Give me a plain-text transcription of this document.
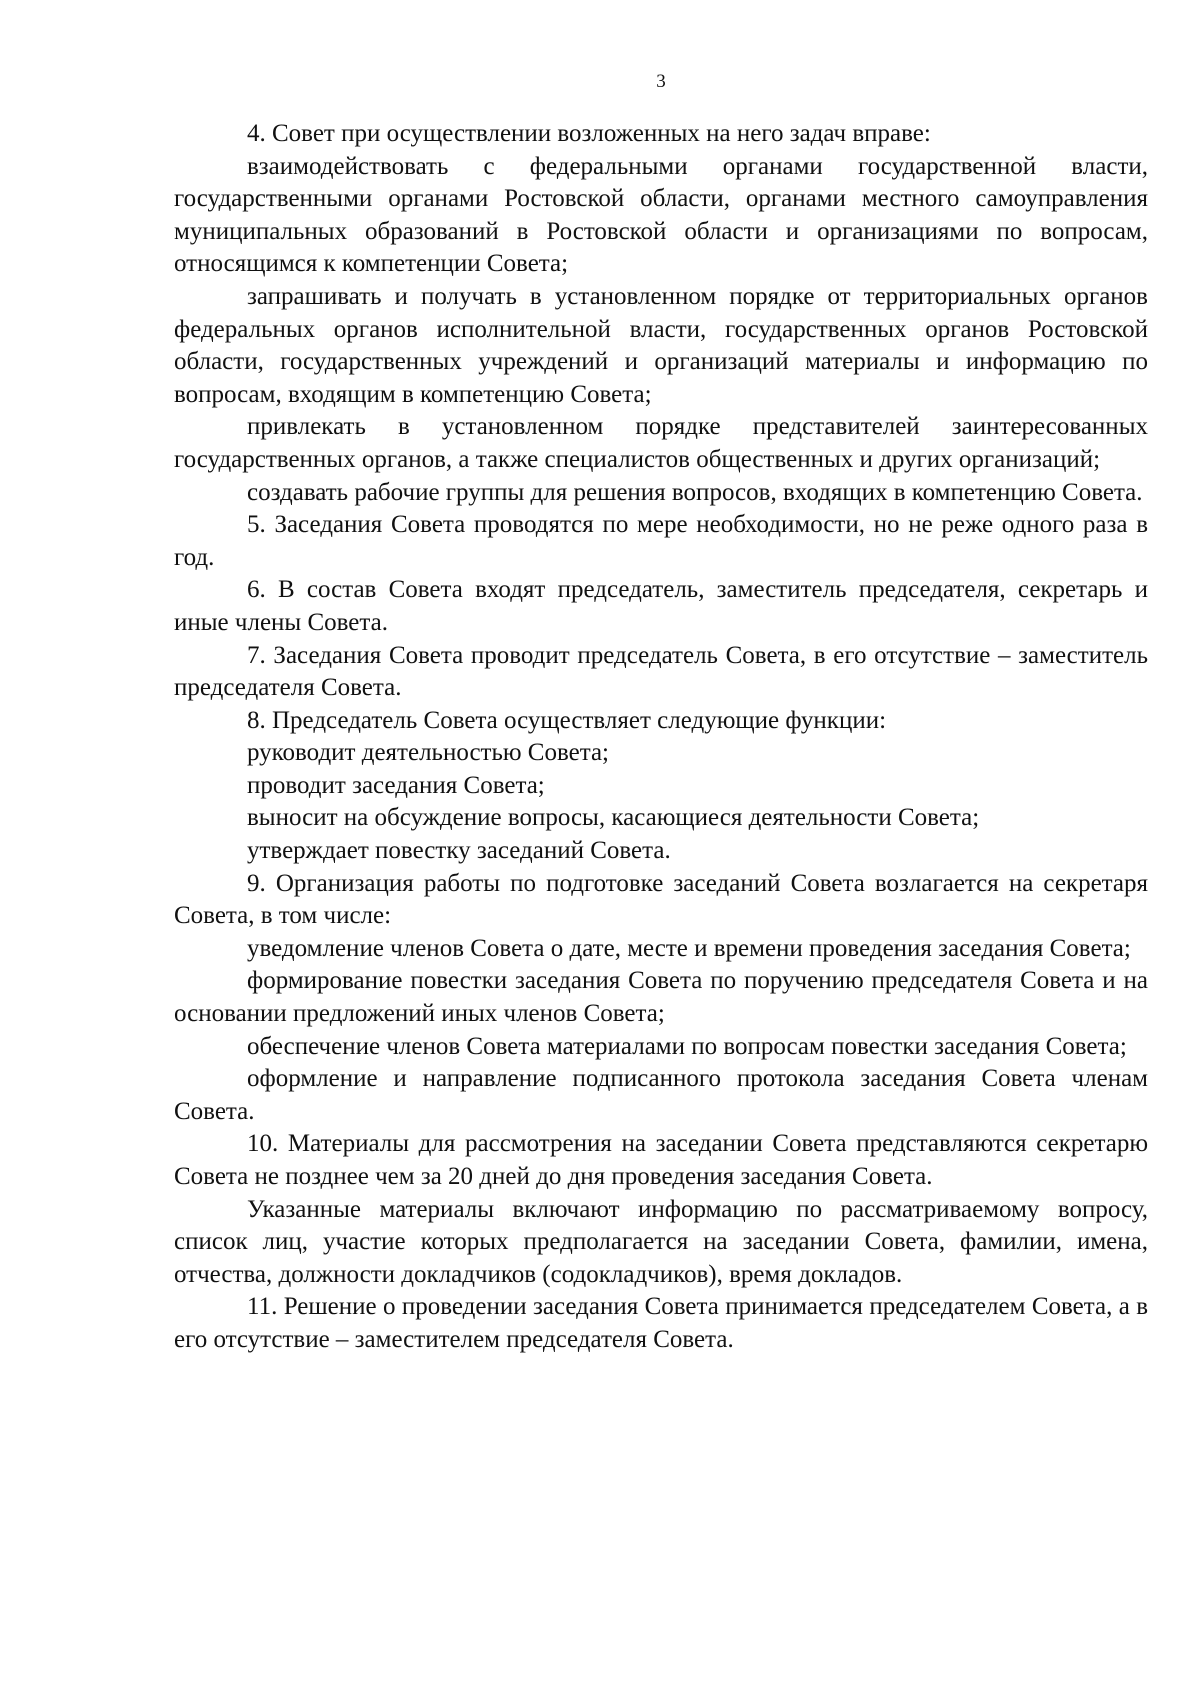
3

4. Совет при осуществлении возложенных на него задач вправе:

взаимодействовать с федеральными органами государственной власти, государственными органами Ростовской области, органами местного самоуправления муниципальных образований в Ростовской области и организациями по вопросам, относящимся к компетенции Совета;

запрашивать и получать в установленном порядке от территориальных органов федеральных органов исполнительной власти, государственных органов Ростовской области, государственных учреждений и организаций материалы и информацию по вопросам, входящим в компетенцию Совета;

привлекать в установленном порядке представителей заинтересованных государственных органов, а также специалистов общественных и других организаций;

создавать рабочие группы для решения вопросов, входящих в компетенцию Совета.

5. Заседания Совета проводятся по мере необходимости, но не реже одного раза в год.

6. В состав Совета входят председатель, заместитель председателя, секретарь и иные члены Совета.

7. Заседания Совета проводит председатель Совета, в его отсутствие – заместитель председателя Совета.

8. Председатель Совета осуществляет следующие функции:

руководит деятельностью Совета;

проводит заседания Совета;

выносит на обсуждение вопросы, касающиеся деятельности Совета;

утверждает повестку заседаний Совета.

9. Организация работы по подготовке заседаний Совета возлагается на секретаря Совета, в том числе:

уведомление членов Совета о дате, месте и времени проведения заседания Совета;

формирование повестки заседания Совета по поручению председателя Совета и на основании предложений иных членов Совета;

обеспечение членов Совета материалами по вопросам повестки заседания Совета;

оформление и направление подписанного протокола заседания Совета членам Совета.

10. Материалы для рассмотрения на заседании Совета представляются секретарю Совета не позднее чем за 20 дней до дня проведения заседания Совета.

Указанные материалы включают информацию по рассматриваемому вопросу, список лиц, участие которых предполагается на заседании Совета, фамилии, имена, отчества, должности докладчиков (содокладчиков), время докладов.

11. Решение о проведении заседания Совета принимается председателем Совета, а в его отсутствие – заместителем председателя Совета.
